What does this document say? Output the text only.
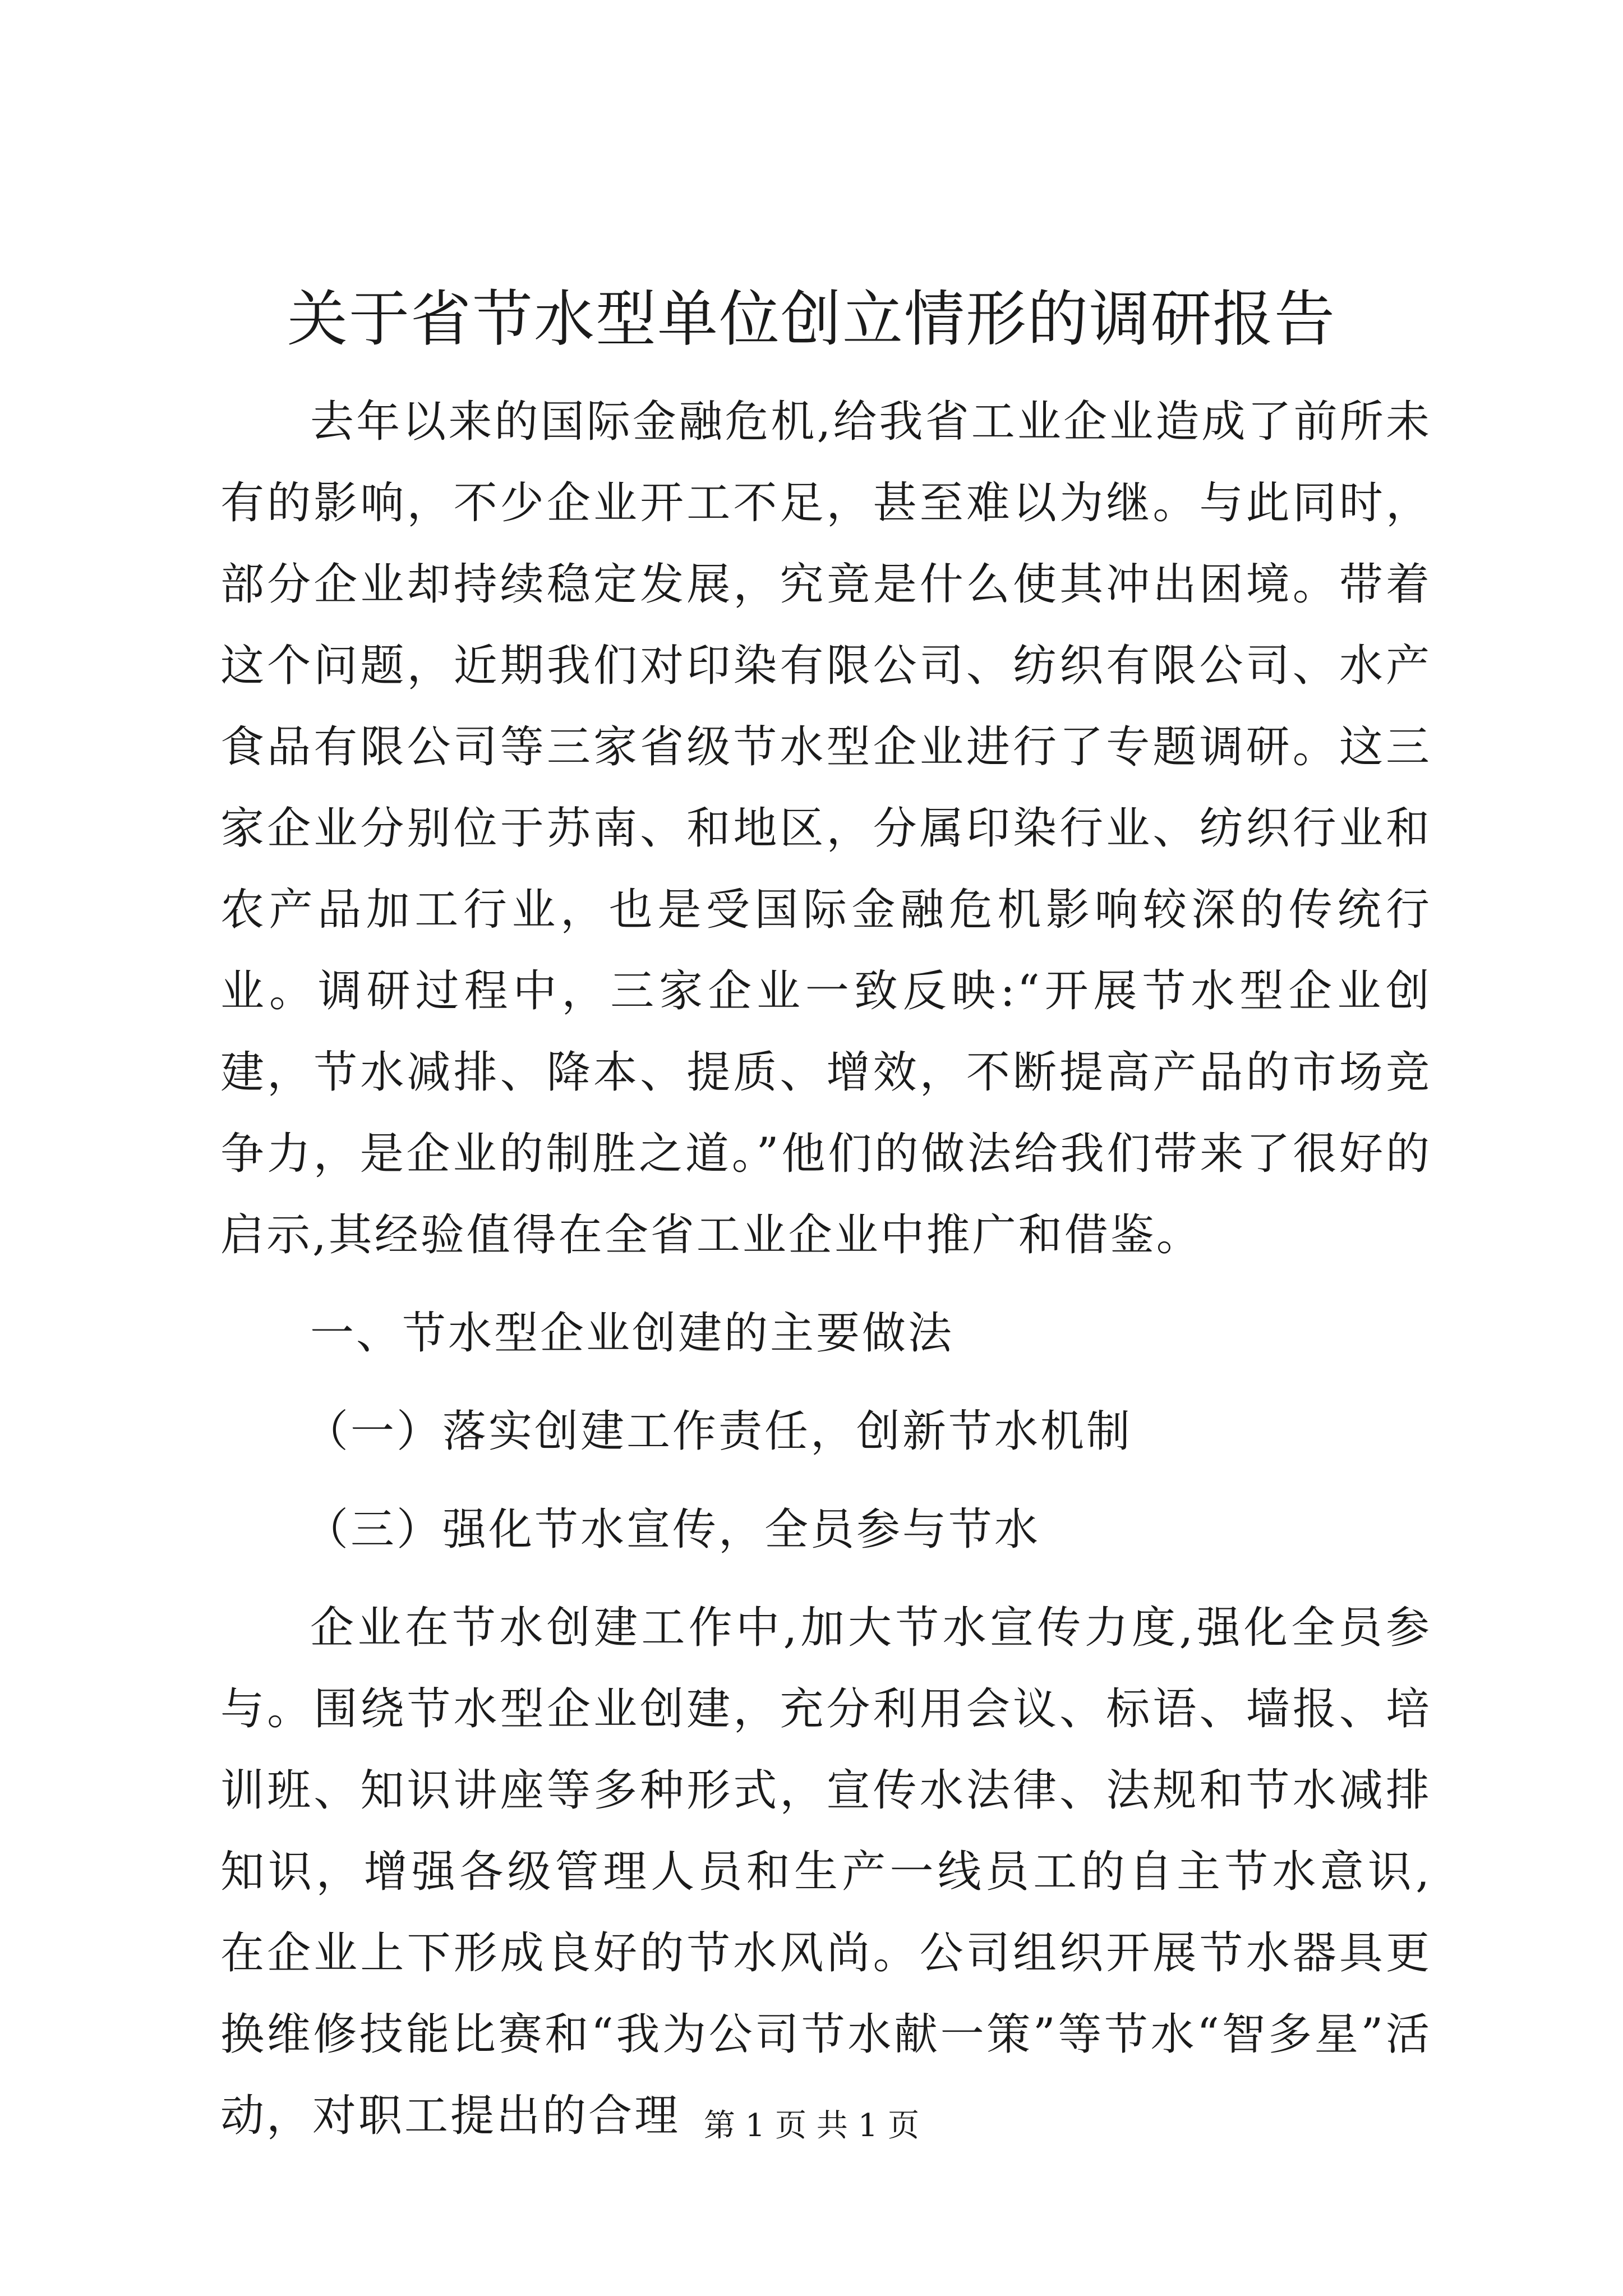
关于省节水型单位创立情形的调研报告

去年以来的国际金融危机,给我省工业企业造成了前所未有的影响，不少企业开工不足，甚至难以为继。与此同时，部分企业却持续稳定发展，究竟是什么使其冲出困境。带着这个问题，近期我们对印染有限公司、纺织有限公司、水产食品有限公司等三家省级节水型企业进行了专题调研。这三家企业分别位于苏南、和地区，分属印染行业、纺织行业和农产品加工行业，也是受国际金融危机影响较深的传统行业。调研过程中，三家企业一致反映:“开展节水型企业创建，节水减排、降本、提质、增效，不断提高产品的市场竞争力，是企业的制胜之道。”他们的做法给我们带来了很好的启示,其经验值得在全省工业企业中推广和借鉴。

一、节水型企业创建的主要做法

（一）落实创建工作责任，创新节水机制

（三）强化节水宣传，全员参与节水

企业在节水创建工作中,加大节水宣传力度,强化全员参与。围绕节水型企业创建，充分利用会议、标语、墙报、培训班、知识讲座等多种形式，宣传水法律、法规和节水减排知识，增强各级管理人员和生产一线员工的自主节水意识,在企业上下形成良好的节水风尚。公司组织开展节水器具更换维修技能比赛和“我为公司节水献一策”等节水“智多星”活动，对职工提出的合理 第 1 页 共 1 页
